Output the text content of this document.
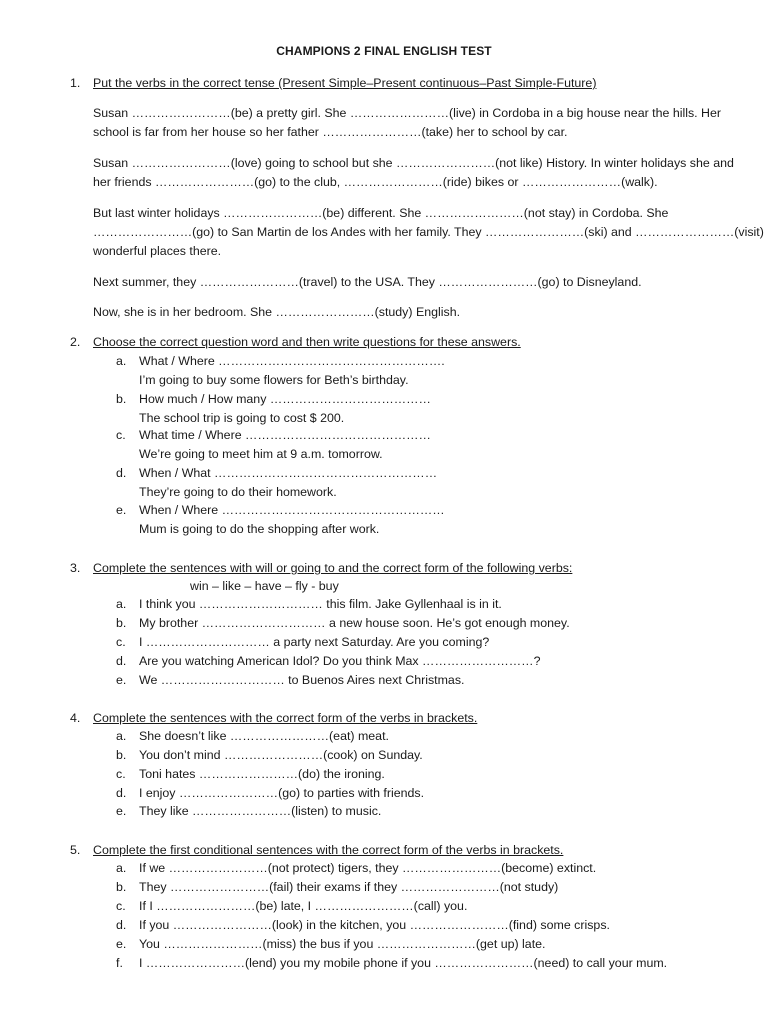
CHAMPIONS 2 FINAL ENGLISH TEST
1. Put the verbs in the correct tense (Present Simple–Present continuous–Past Simple-Future)
Susan ……………………(be) a pretty girl. She ……………………(live) in Cordoba in a big house near the hills. Her
school is far from her house so her father ……………………(take) her to school by car.
Susan ……………………(love) going to school but she ……………………(not like) History. In winter holidays she and
her friends ……………………(go) to the club, ……………………(ride) bikes or ……………………(walk).
But last winter holidays ……………………(be) different. She ……………………(not stay) in Cordoba. She
……………………(go) to San Martin de los Andes with her family. They ……………………(ski) and ……………………(visit)
wonderful places there.
Next summer, they ……………………(travel) to the USA. They ……………………(go) to Disneyland.
Now, she is in her bedroom. She ……………………(study) English.
2. Choose the correct question word and then write questions for these answers.
a. What / Where ……………………………………………….
I’m going to buy some flowers for Beth’s birthday.
b. How much / How many …………………………………
The school trip is going to cost $ 200.
c. What time / Where ………………………………………
We’re going to meet him at 9 a.m. tomorrow.
d. When / What ………………………………………………
They’re going to do their homework.
e. When / Where ………………………………………………
Mum is going to do the shopping after work.
3. Complete the sentences with will or going to and the correct form of the following verbs:
win – like – have – fly - buy
a. I think you ………………………… this film. Jake Gyllenhaal is in it.
b. My brother ………………………… a new house soon. He’s got enough money.
c. I ………………………… a party next Saturday. Are you coming?
d. Are you watching American Idol? Do you think Max ………………………?
e. We ………………………… to Buenos Aires next Christmas.
4. Complete the sentences with the correct form of the verbs in brackets.
a. She doesn’t like ……………………(eat) meat.
b. You don’t mind ……………………(cook) on Sunday.
c. Toni hates ……………………(do) the ironing.
d. I enjoy ……………………(go) to parties with friends.
e. They like ……………………(listen) to music.
5. Complete the first conditional sentences with the correct form of the verbs in brackets.
a. If we ……………………(not protect) tigers, they ……………………(become) extinct.
b. They ……………………(fail) their exams if they ……………………(not study)
c. If I ……………………(be) late, I ……………………(call) you.
d. If you ……………………(look) in the kitchen, you ……………………(find) some crisps.
e. You ……………………(miss) the bus if you ……………………(get up) late.
f. I ……………………(lend) you my mobile phone if you ……………………(need) to call your mum.
